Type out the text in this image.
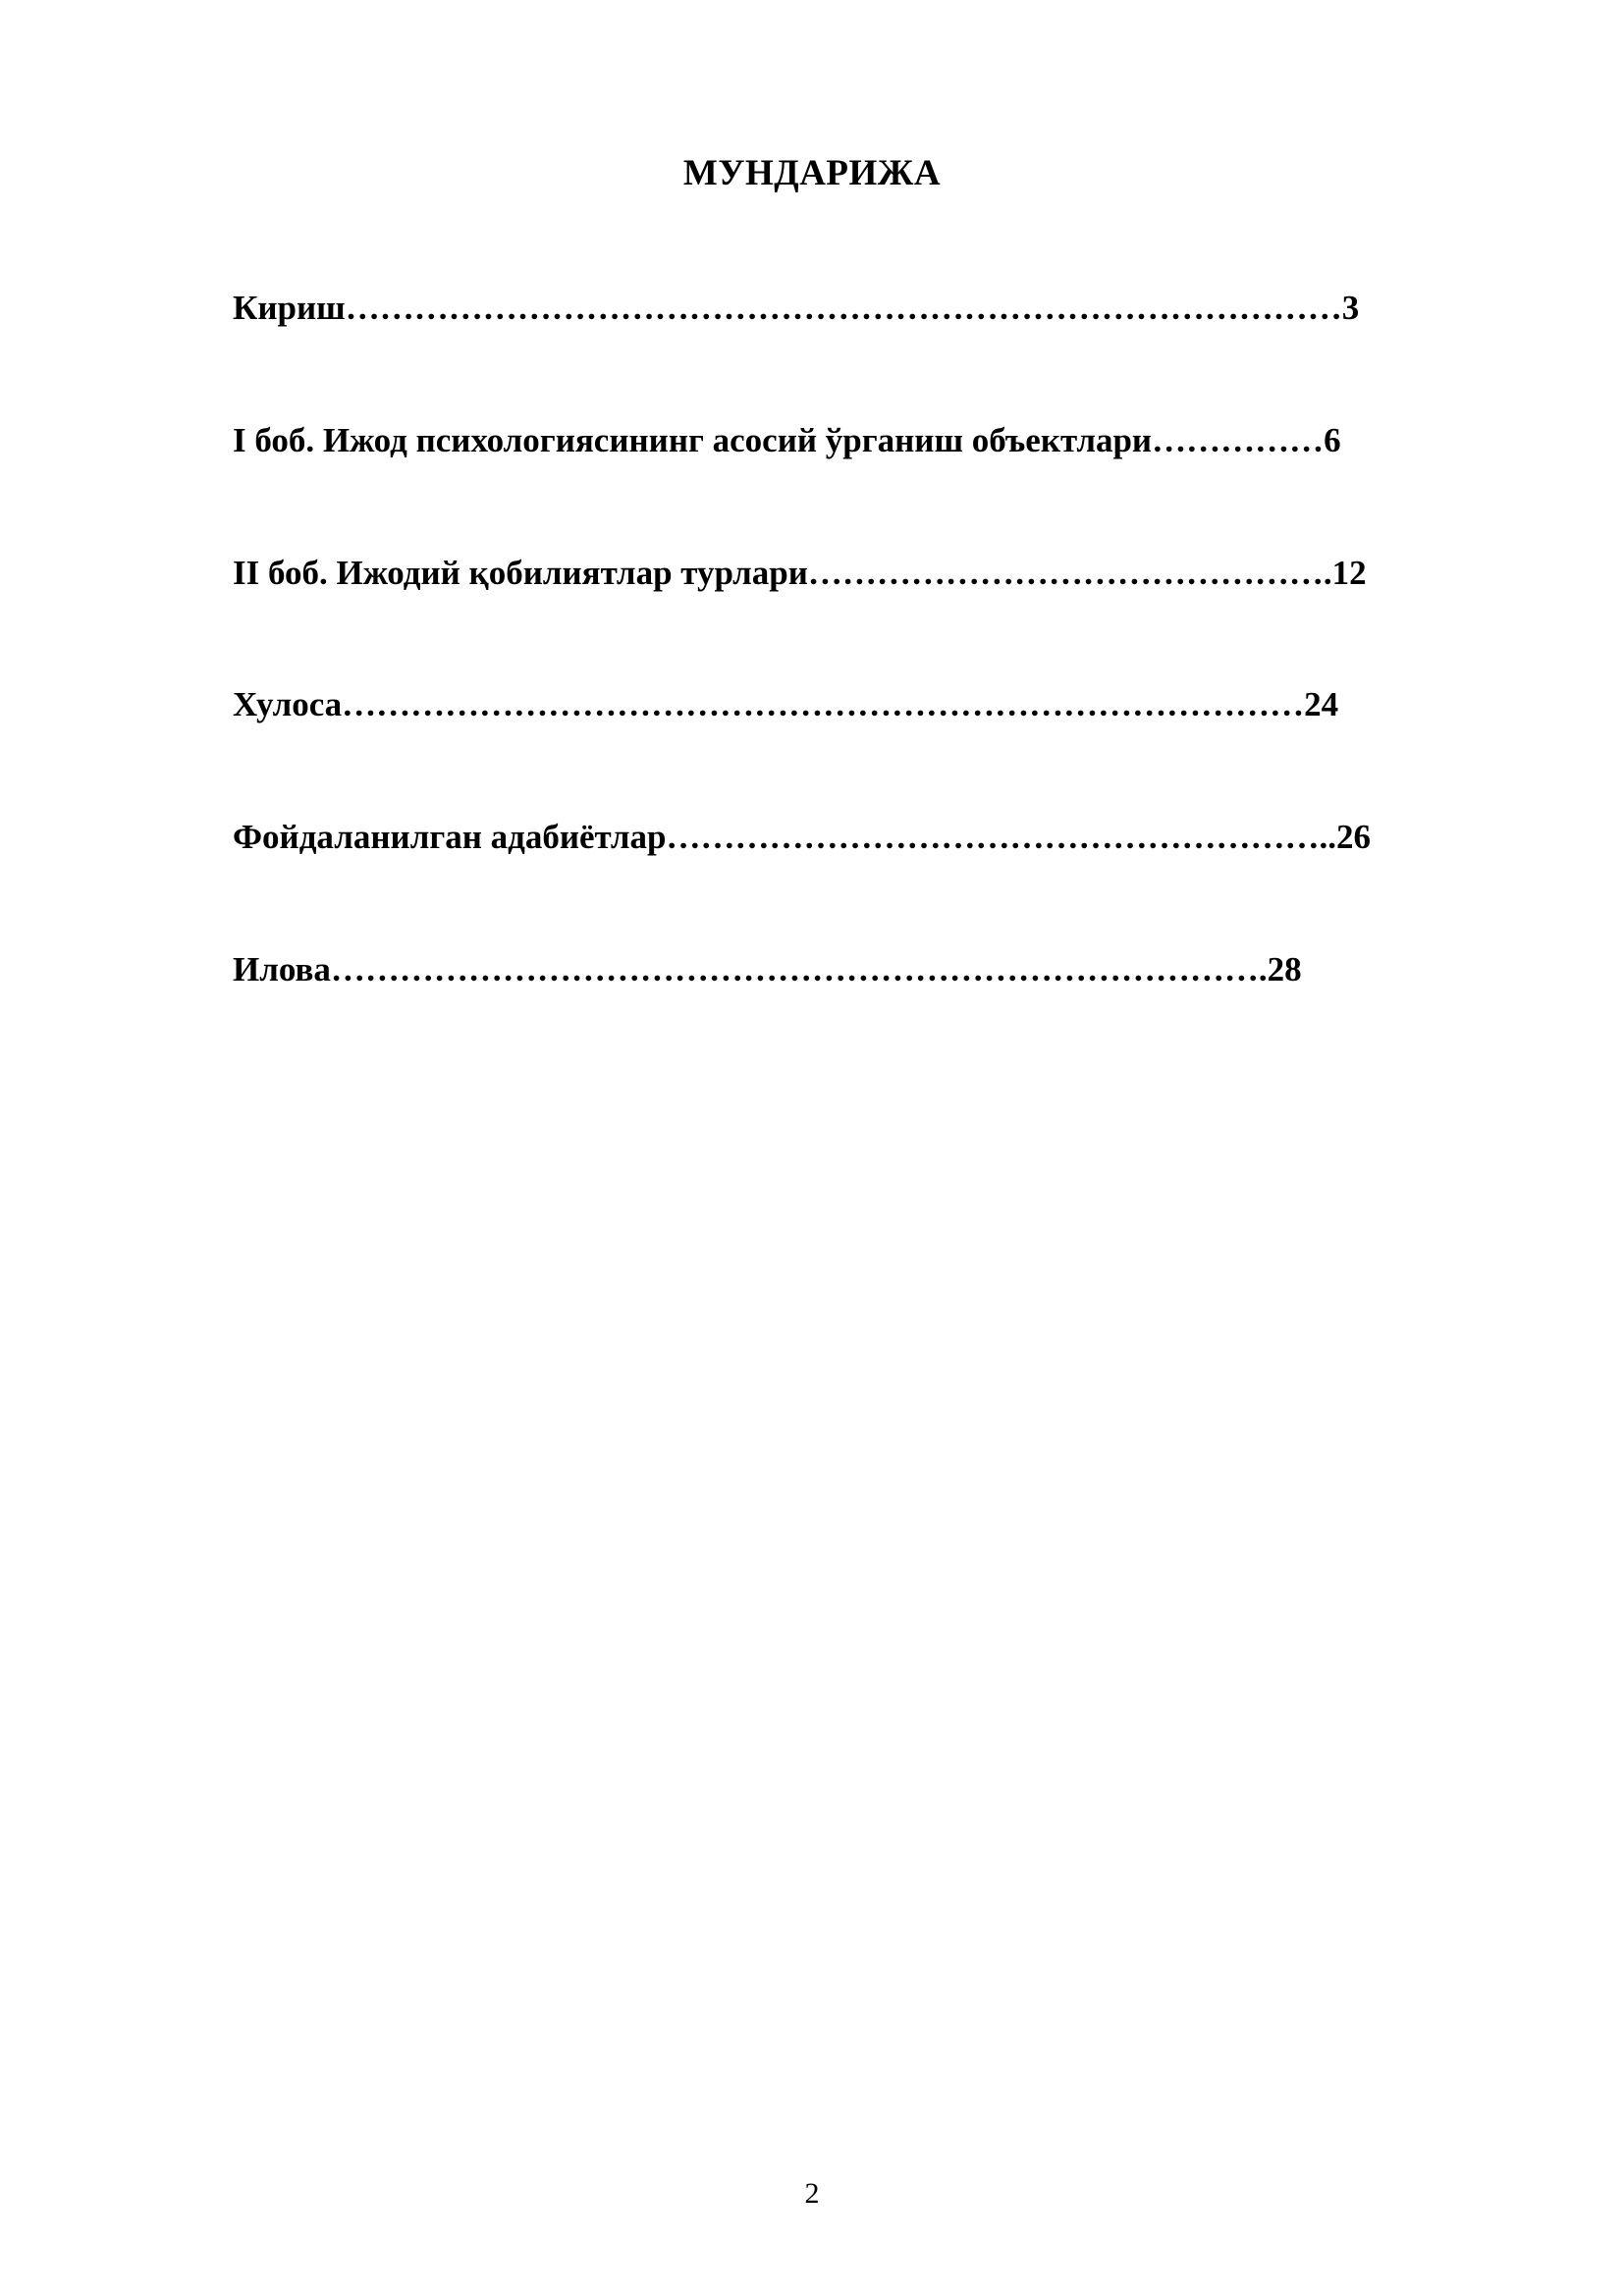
МУНДАРИЖА
Кириш……………………………………………………………………………3
I боб. Ижод психологиясининг асосий ўрганиш объектлари……………6
II боб. Ижодий қобилиятлар турлари……………………………………….12
Хулоса…………………………………………………………………………24
Фойдаланилган адабиётлар…………………………………………………..26
Илова……………………………………………………………………….28
2
